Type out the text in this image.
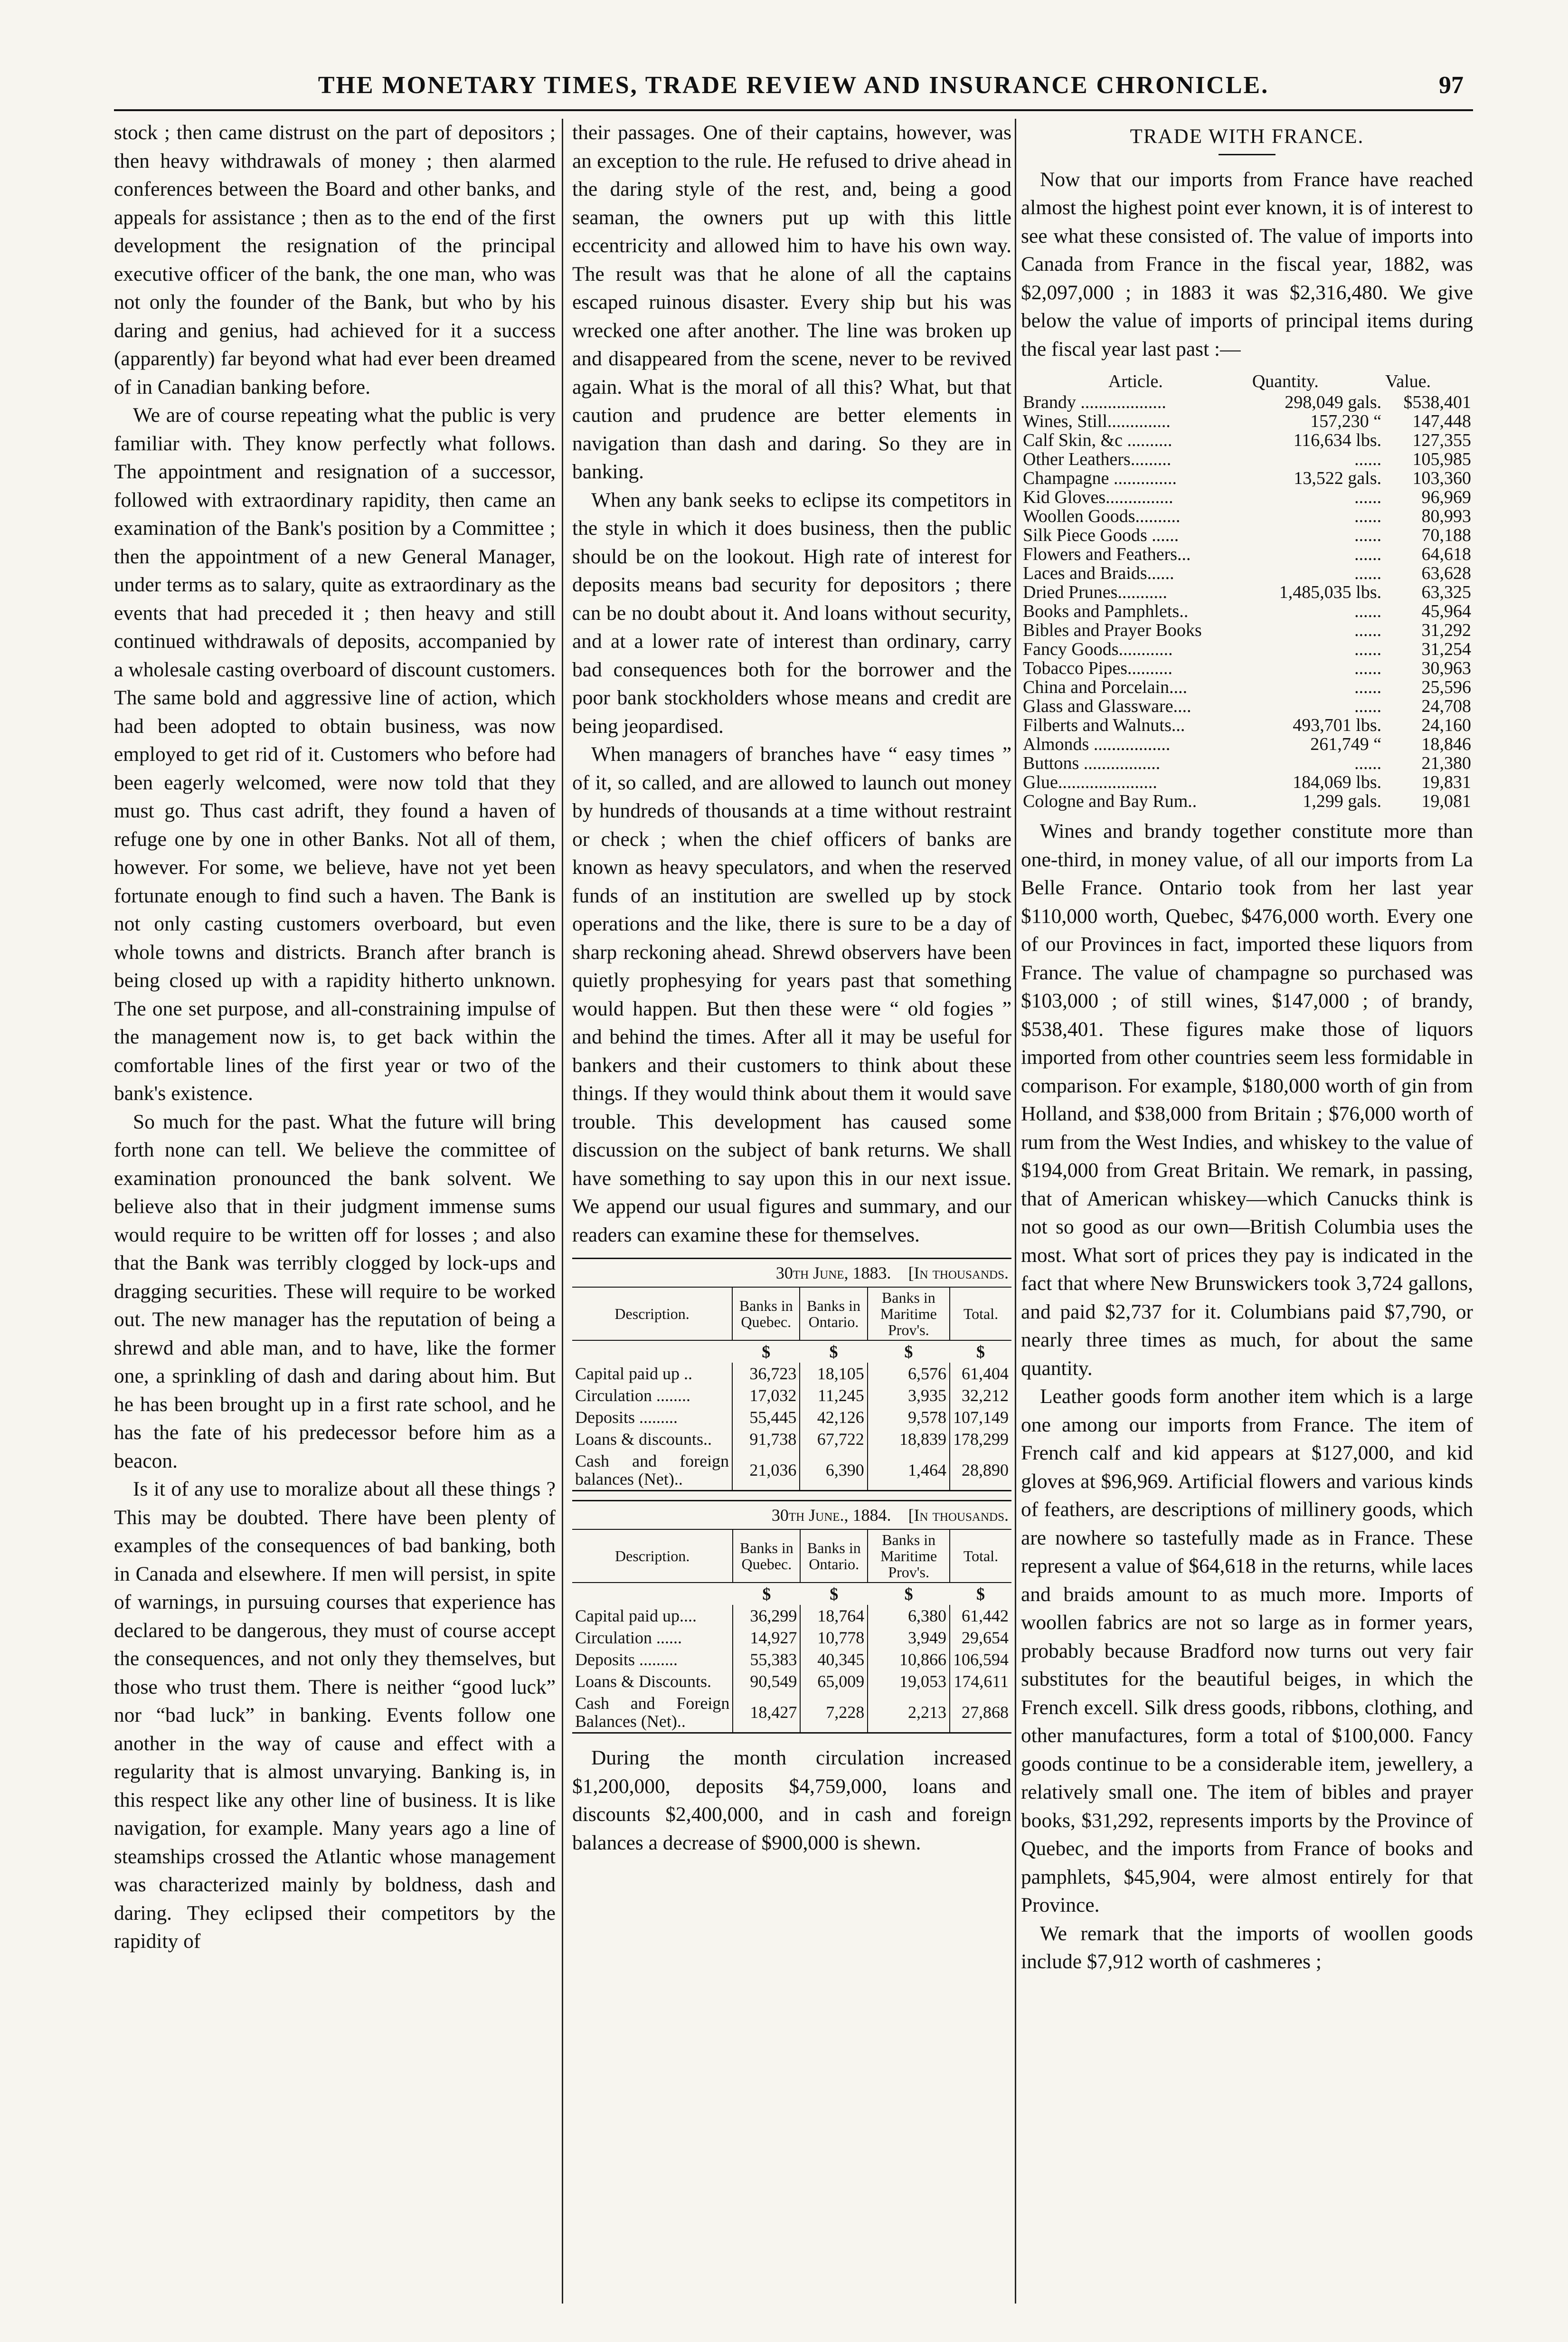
THE MONETARY TIMES, TRADE REVIEW AND INSURANCE CHRONICLE.	97

stock ; then came distrust on the part of depositors ; then heavy withdrawals of money ; then alarmed conferences between the Board and other banks, and appeals for assistance ; then as to the end of the first development the resignation of the principal executive officer of the bank, the one man, who was not only the founder of the Bank, but who by his daring and genius, had achieved for it a success (apparently) far beyond what had ever been dreamed of in Canadian banking before.

We are of course repeating what the public is very familiar with. They know perfectly what follows. The appointment and resignation of a successor, followed with extraordinary rapidity, then came an examination of the Bank's position by a Committee ; then the appointment of a new General Manager, under terms as to salary, quite as extraordinary as the events that had preceded it ; then heavy and still continued withdrawals of deposits, accompanied by a wholesale casting overboard of discount customers. The same bold and aggressive line of action, which had been adopted to obtain business, was now employed to get rid of it. Customers who before had been eagerly welcomed, were now told that they must go. Thus cast adrift, they found a haven of refuge one by one in other Banks. Not all of them, however. For some, we believe, have not yet been fortunate enough to find such a haven. The Bank is not only casting customers overboard, but even whole towns and districts. Branch after branch is being closed up with a rapidity hitherto unknown. The one set purpose, and all-constraining impulse of the management now is, to get back within the comfortable lines of the first year or two of the bank's existence.

So much for the past. What the future will bring forth none can tell. We believe the committee of examination pronounced the bank solvent. We believe also that in their judgment immense sums would require to be written off for losses ; and also that the Bank was terribly clogged by lock-ups and dragging securities. These will require to be worked out. The new manager has the reputation of being a shrewd and able man, and to have, like the former one, a sprinkling of dash and daring about him. But he has been brought up in a first rate school, and he has the fate of his predecessor before him as a beacon.

Is it of any use to moralize about all these things ? This may be doubted. There have been plenty of examples of the consequences of bad banking, both in Canada and elsewhere. If men will persist, in spite of warnings, in pursuing courses that experience has declared to be dangerous, they must of course accept the consequences, and not only they themselves, but those who trust them. There is neither “good luck” nor “bad luck” in banking. Events follow one another in the way of cause and effect with a regularity that is almost unvarying. Banking is, in this respect like any other line of business. It is like navigation, for example. Many years ago a line of steamships crossed the Atlantic whose management was characterized mainly by boldness, dash and daring. They eclipsed their competitors by the rapidity of

their passages. One of their captains, however, was an exception to the rule. He refused to drive ahead in the daring style of the rest, and, being a good seaman, the owners put up with this little eccentricity and allowed him to have his own way. The result was that he alone of all the captains escaped ruinous disaster. Every ship but his was wrecked one after another. The line was broken up and disappeared from the scene, never to be revived again. What is the moral of all this? What, but that caution and prudence are better elements in navigation than dash and daring. So they are in banking.

When any bank seeks to eclipse its competitors in the style in which it does business, then the public should be on the lookout. High rate of interest for deposits means bad security for depositors ; there can be no doubt about it. And loans without security, and at a lower rate of interest than ordinary, carry bad consequences both for the borrower and the poor bank stockholders whose means and credit are being jeopardised.

When managers of branches have “ easy times ” of it, so called, and are allowed to launch out money by hundreds of thousands at a time without restraint or check ; when the chief officers of banks are known as heavy speculators, and when the reserved funds of an institution are swelled up by stock operations and the like, there is sure to be a day of sharp reckoning ahead. Shrewd observers have been quietly prophesying for years past that something would happen. But then these were “ old fogies ” and behind the times. After all it may be useful for bankers and their customers to think about these things. If they would think about them it would save trouble. This development has caused some discussion on the subject of bank returns. We shall have something to say upon this in our next issue. We append our usual figures and summary, and our readers can examine these for themselves.

30th June, 1883. [In thousands.				
Description.	Banks in Quebec.	Banks in Ontario.	Banks in Maritime Prov's.	Total.
	$	$	$	$
Capital paid up ..	36,723	18,105	6,576	61,404
Circulation ........	17,032	11,245	3,935	32,212
Deposits .........	55,445	42,126	9,578	107,149
Loans & discounts..	91,738	67,722	18,839	178,299
Cash and foreign balances (Net)..	21,036	6,390	1,464	28,890
30th June., 1884. [In thousands.				
Description.	Banks in Quebec.	Banks in Ontario.	Banks in Maritime Prov's.	Total.
	$	$	$	$
Capital paid up....	36,299	18,764	6,380	61,442
Circulation ......	14,927	10,778	3,949	29,654
Deposits .........	55,383	40,345	10,866	106,594
Loans & Discounts.	90,549	65,009	19,053	174,611
Cash and Foreign Balances (Net)..	18,427	7,228	2,213	27,868

During the month circulation increased $1,200,000, deposits $4,759,000, loans and discounts $2,400,000, and in cash and foreign balances a decrease of $900,000 is shewn.

TRADE WITH FRANCE.

Now that our imports from France have reached almost the highest point ever known, it is of interest to see what these consisted of. The value of imports into Canada from France in the fiscal year, 1882, was $2,097,000 ; in 1883 it was $2,316,480. We give below the value of imports of principal items during the fiscal year last past :—

Article.	Quantity.	Value.
Brandy ...................	298,049 gals.	$538,401
Wines, Still..............	157,230 “	147,448
Calf Skin, &c ..........	116,634 lbs.	127,355
Other Leathers.........	......	105,985
Champagne ..............	13,522 gals.	103,360
Kid Gloves...............	......	96,969
Woollen Goods..........	......	80,993
Silk Piece Goods ......	......	70,188
Flowers and Feathers...	......	64,618
Laces and Braids......	......	63,628
Dried Prunes...........	1,485,035 lbs.	63,325
Books and Pamphlets..	......	45,964
Bibles and Prayer Books	......	31,292
Fancy Goods............	......	31,254
Tobacco Pipes..........	......	30,963
China and Porcelain....	......	25,596
Glass and Glassware....	......	24,708
Filberts and Walnuts...	493,701 lbs.	24,160
Almonds .................	261,749 “	18,846
Buttons .................	......	21,380
Glue......................	184,069 lbs.	19,831
Cologne and Bay Rum..	1,299 gals.	19,081

Wines and brandy together constitute more than one-third, in money value, of all our imports from La Belle France. Ontario took from her last year $110,000 worth, Quebec, $476,000 worth. Every one of our Provinces in fact, imported these liquors from France. The value of champagne so purchased was $103,000 ; of still wines, $147,000 ; of brandy, $538,401. These figures make those of liquors imported from other countries seem less formidable in comparison. For example, $180,000 worth of gin from Holland, and $38,000 from Britain ; $76,000 worth of rum from the West Indies, and whiskey to the value of $194,000 from Great Britain. We remark, in passing, that of American whiskey—which Canucks think is not so good as our own—British Columbia uses the most. What sort of prices they pay is indicated in the fact that where New Brunswickers took 3,724 gallons, and paid $2,737 for it. Columbians paid $7,790, or nearly three times as much, for about the same quantity.

Leather goods form another item which is a large one among our imports from France. The item of French calf and kid appears at $127,000, and kid gloves at $96,969. Artificial flowers and various kinds of feathers, are descriptions of millinery goods, which are nowhere so tastefully made as in France. These represent a value of $64,618 in the returns, while laces and braids amount to as much more. Imports of woollen fabrics are not so large as in former years, probably because Bradford now turns out very fair substitutes for the beautiful beiges, in which the French excell. Silk dress goods, ribbons, clothing, and other manufactures, form a total of $100,000. Fancy goods continue to be a considerable item, jewellery, a relatively small one. The item of bibles and prayer books, $31,292, represents imports by the Province of Quebec, and the imports from France of books and pamphlets, $45,904, were almost entirely for that Province.

We remark that the imports of woollen goods include $7,912 worth of cashmeres ;
